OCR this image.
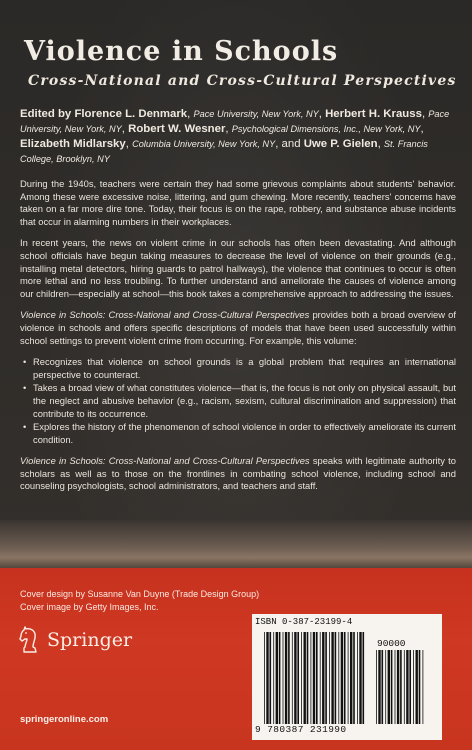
Violence in Schools
Cross-National and Cross-Cultural Perspectives
Edited by Florence L. Denmark, Pace University, New York, NY, Herbert H. Krauss, Pace University, New York, NY, Robert W. Wesner, Psychological Dimensions, Inc., New York, NY, Elizabeth Midlarsky, Columbia University, New York, NY, and Uwe P. Gielen, St. Francis College, Brooklyn, NY

During the 1940s, teachers were certain they had some grievous complaints about students' behavior. Among these were excessive noise, littering, and gum chewing. More recently, teachers' concerns have taken on a far more dire tone. Today, their focus is on the rape, robbery, and substance abuse incidents that occur in alarming numbers in their workplaces.

In recent years, the news on violent crime in our schools has often been devastating. And although school officials have begun taking measures to decrease the level of violence on their grounds (e.g., installing metal detectors, hiring guards to patrol hallways), the violence that continues to occur is often more lethal and no less troubling. To further understand and ameliorate the causes of violence among our children—especially at school—this book takes a comprehensive approach to addressing the issues.

Violence in Schools: Cross-National and Cross-Cultural Perspectives provides both a broad overview of violence in schools and offers specific descriptions of models that have been used successfully within school settings to prevent violent crime from occurring. For example, this volume:

• Recognizes that violence on school grounds is a global problem that requires an international perspective to counteract.
• Takes a broad view of what constitutes violence—that is, the focus is not only on physical assault, but the neglect and abusive behavior (e.g., racism, sexism, cultural discrimination and suppression) that contribute to its occurrence.
• Explores the history of the phenomenon of school violence in order to effectively ameliorate its current condition.

Violence in Schools: Cross-National and Cross-Cultural Perspectives speaks with legitimate authority to scholars as well as to those on the frontlines in combating school violence, including school and counseling psychologists, school administrators, and teachers and staff.

Cover design by Susanne Van Duyne (Trade Design Group)
Cover image by Getty Images, Inc.
Springer
springeronline.com
ISBN 0-387-23199-4
90000
9 780387 231990
